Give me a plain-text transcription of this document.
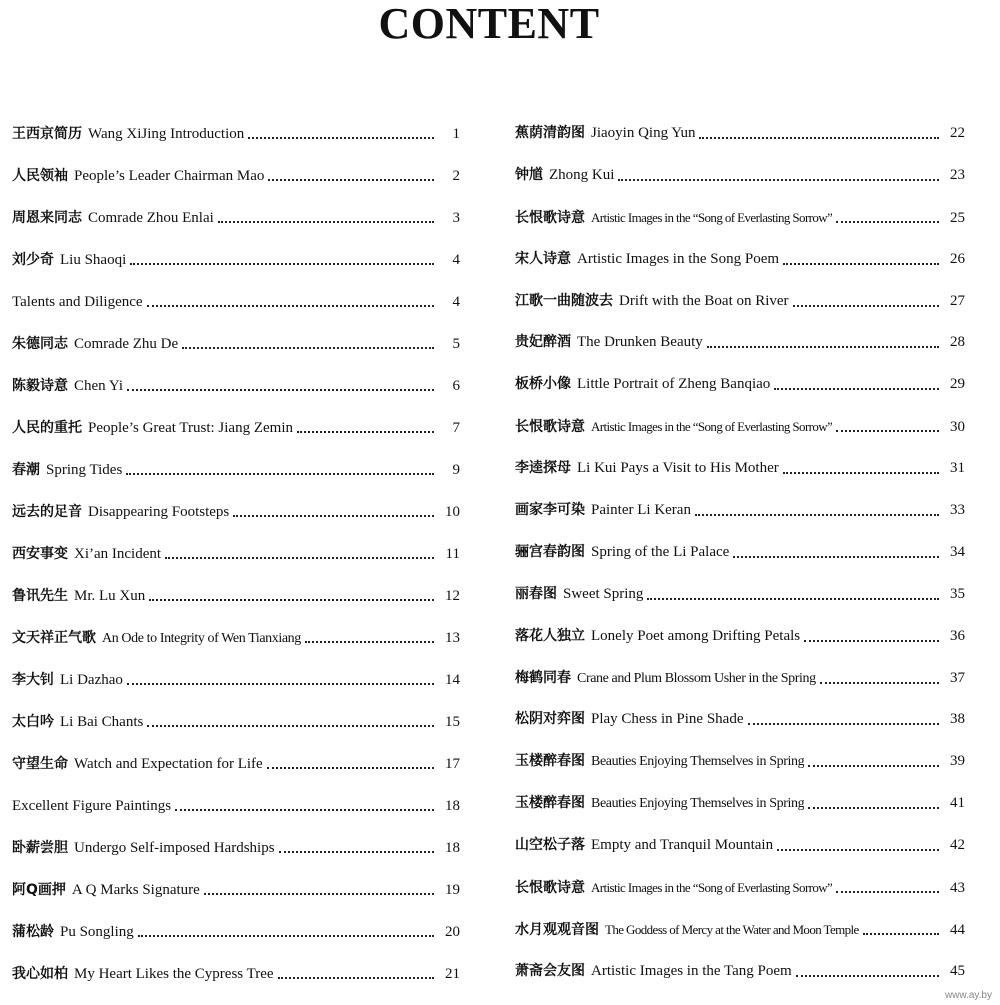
CONTENT
王西京简历 Wang XiJing Introduction	1
人民领袖 People’s Leader Chairman Mao	2
周恩来同志 Comrade Zhou Enlai	3
刘少奇 Liu Shaoqi	4
Talents and Diligence	4
朱德同志 Comrade Zhu De	5
陈毅诗意 Chen Yi	6
人民的重托 People’s Great Trust: Jiang Zemin	7
春潮 Spring Tides	9
远去的足音 Disappearing Footsteps	10
西安事变 Xi’an Incident	11
鲁讯先生 Mr. Lu Xun	12
文天祥正气歌 An Ode to Integrity of Wen Tianxiang	13
李大钊 Li Dazhao	14
太白吟 Li Bai Chants	15
守望生命 Watch and Expectation for Life	17
Excellent Figure Paintings	18
卧薪尝胆 Undergo Self-imposed Hardships	18
阿Q画押 A Q Marks Signature	19
蒲松龄 Pu Songling	20
我心如柏 My Heart Likes the Cypress Tree	21
蕉荫清韵图 Jiaoyin Qing Yun	22
钟馗 Zhong Kui	23
长恨歌诗意 Artistic Images in the “Song of Everlasting Sorrow”	25
宋人诗意 Artistic Images in the Song Poem	26
江歌一曲随波去 Drift with the Boat on River	27
贵妃醉酒 The Drunken Beauty	28
板桥小像 Little Portrait of Zheng Banqiao	29
长恨歌诗意 Artistic Images in the “Song of Everlasting Sorrow”	30
李逵探母 Li Kui Pays a Visit to His Mother	31
画家李可染 Painter Li Keran	33
骊宫春韵图 Spring of the Li Palace	34
丽春图 Sweet Spring	35
落花人独立 Lonely Poet among Drifting Petals	36
梅鹤同春 Crane and Plum Blossom Usher in the Spring	37
松阴对弈图 Play Chess in Pine Shade	38
玉楼醉春图 Beauties Enjoying Themselves in Spring	39
玉楼醉春图 Beauties Enjoying Themselves in Spring	41
山空松子落 Empty and Tranquil Mountain	42
长恨歌诗意 Artistic Images in the “Song of Everlasting Sorrow”	43
水月观观音图 The Goddess of Mercy at the Water and Moon Temple	44
萧斋会友图 Artistic Images in the Tang Poem	45
www.ay.by
